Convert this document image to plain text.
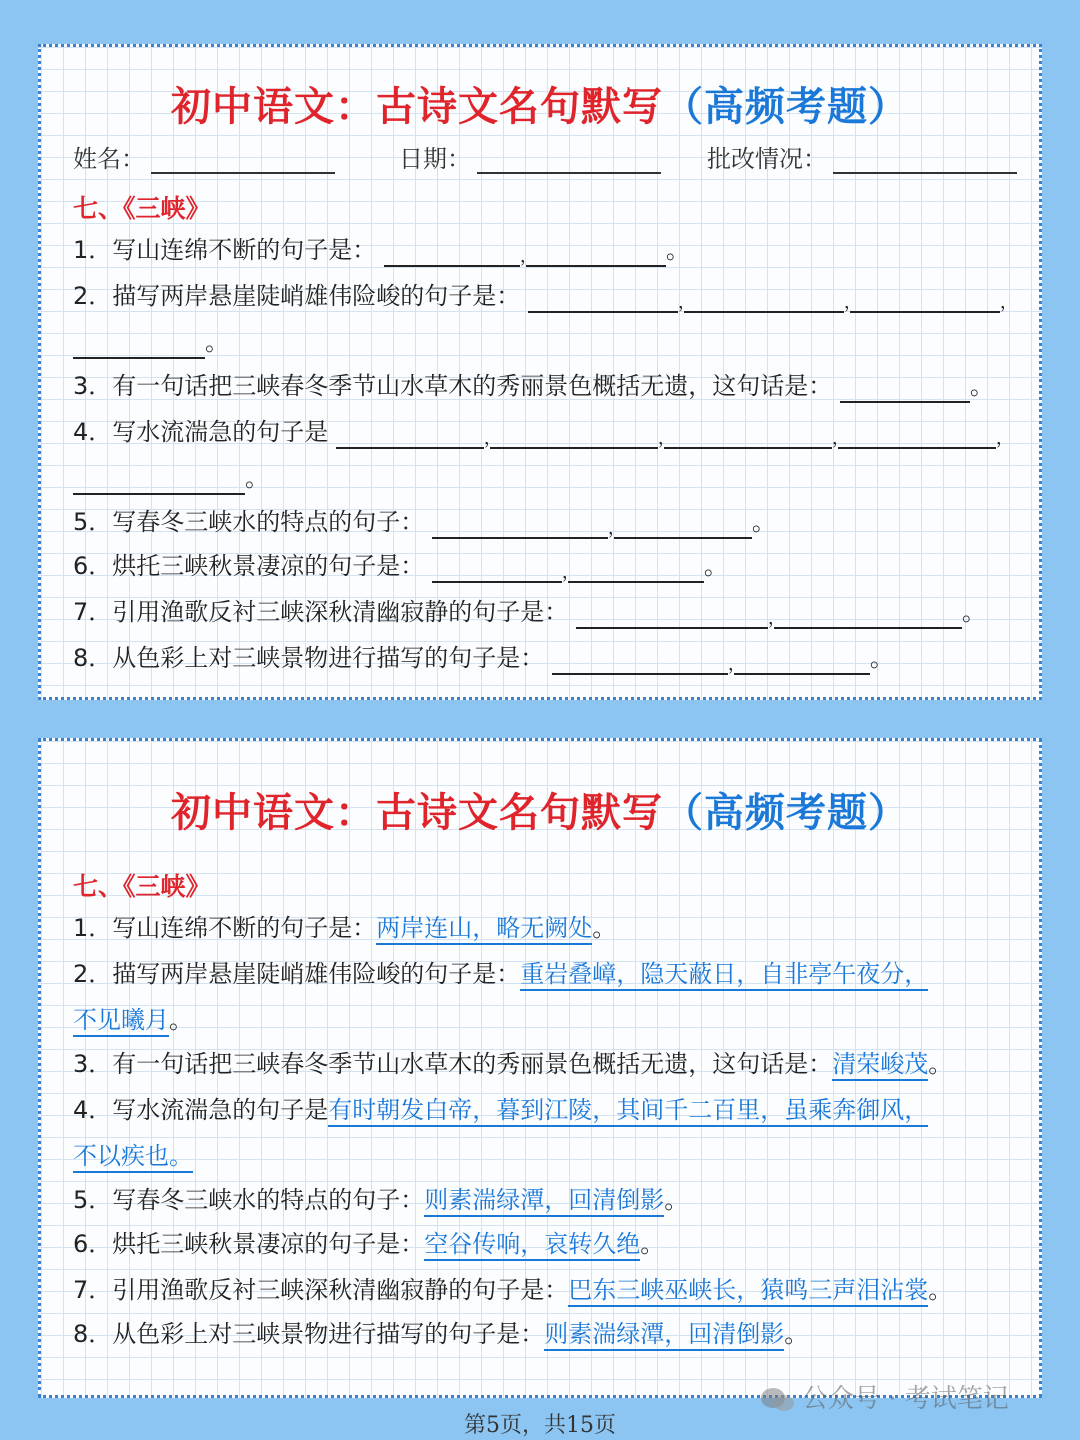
初中语文：古诗文名句默写（高频考题）
姓名：	日期：	批改情况：
七、《三峡》
1．写山连绵不断的句子是：	，	。
2．描写两岸悬崖陡峭雄伟险峻的句子是：	，	，	，
。
3．有一句话把三峡春冬季节山水草木的秀丽景色概括无遗，这句话是：	。
4．写水流湍急的句子是	，	，	，	，
。
5．写春冬三峡水的特点的句子：	，	。
6．烘托三峡秋景凄凉的句子是：	，	。
7．引用渔歌反衬三峡深秋清幽寂静的句子是：	，	。
8．从色彩上对三峡景物进行描写的句子是：	，	。
初中语文：古诗文名句默写（高频考题）
七、《三峡》
1．写山连绵不断的句子是：两岸连山，略无阙处。
2．描写两岸悬崖陡峭雄伟险峻的句子是：重岩叠嶂，隐天蔽日，自非亭午夜分，
不见曦月。
3．有一句话把三峡春冬季节山水草木的秀丽景色概括无遗，这句话是：清荣峻茂。
4．写水流湍急的句子是有时朝发白帝，暮到江陵，其间千二百里，虽乘奔御风，
不以疾也。
5．写春冬三峡水的特点的句子：则素湍绿潭，回清倒影。
6．烘托三峡秋景凄凉的句子是：空谷传响，哀转久绝。
7．引用渔歌反衬三峡深秋清幽寂静的句子是：巴东三峡巫峡长，猿鸣三声泪沾裳。
8．从色彩上对三峡景物进行描写的句子是：则素湍绿潭，回清倒影。
公众号 · 考试笔记
第5页，共15页
